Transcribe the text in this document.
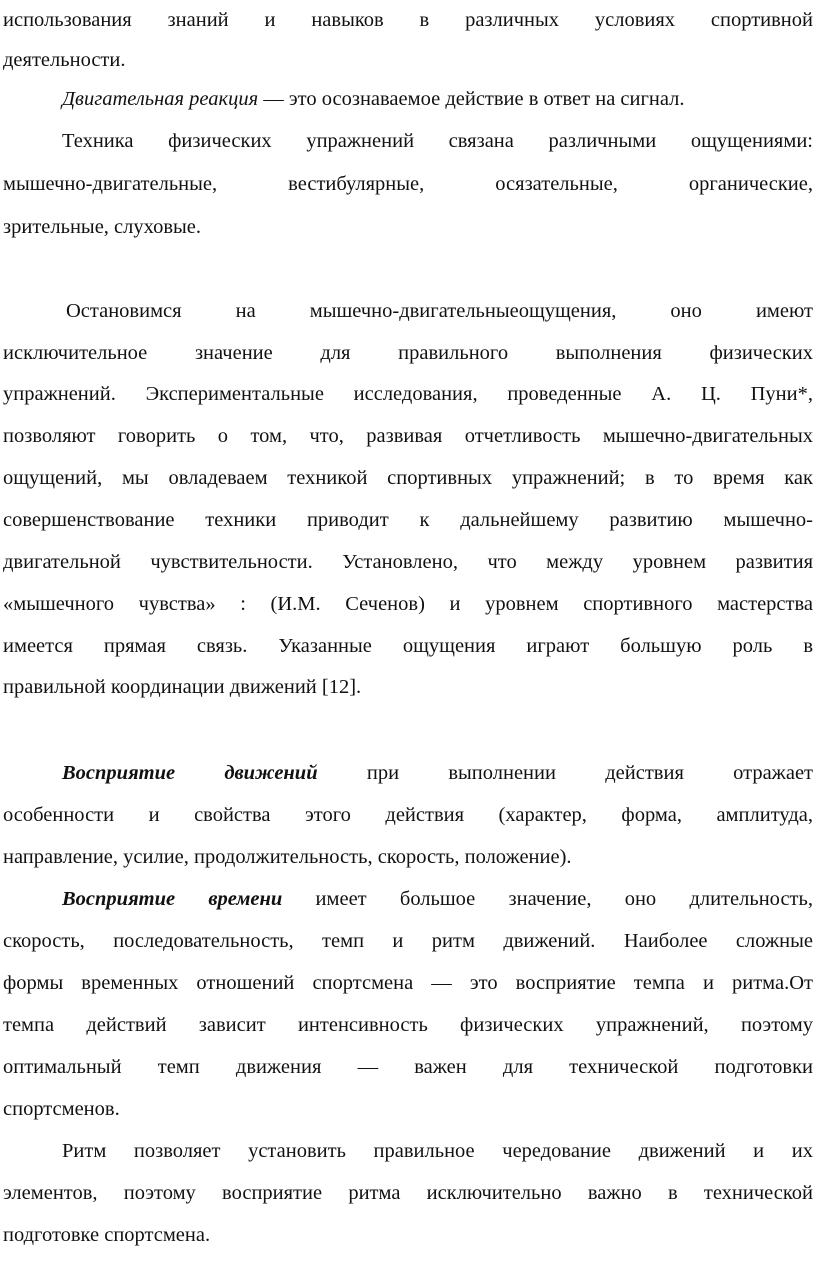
использования знаний и навыков в различных условиях спортивной
деятельности.
Двигательная реакция — это осознаваемое действие в ответ на сигнал.
Техника физических упражнений связана различными ощущениями:
мышечно-двигательные, вестибулярные, осязательные, органические,
зрительные, слуховые.
Остановимся на мышечно-двигательныеощущения, оно имеют
исключительное значение для правильного выполнения физических
упражнений. Экспериментальные исследования, проведенные А. Ц. Пуни*,
позволяют говорить о том, что, развивая отчетливость мышечно-двигательных
ощущений, мы овладеваем техникой спортивных упражнений; в то время как
совершенствование техники приводит к дальнейшему развитию мышечно-
двигательной чувствительности. Установлено, что между уровнем развития
«мышечного чувства» : (И.М. Сеченов) и уровнем спортивного мастерства
имеется прямая связь. Указанные ощущения играют большую роль в
правильной координации движений [12].
Восприятие движений при выполнении действия отражает
особенности и свойства этого действия (характер, форма, амплитуда,
направление, усилие, продолжительность, скорость, положение).
Восприятие времени имеет большое значение, оно длительность,
скорость, последовательность, темп и ритм движений. Наиболее сложные
формы временных отношений спортсмена — это восприятие темпа и ритма.От
темпа действий зависит интенсивность физических упражнений, поэтому
оптимальный темп движения — важен для технической подготовки
спортсменов.
Ритм позволяет установить правильное чередование движений и их
элементов, поэтому восприятие ритма исключительно важно в технической
подготовке спортсмена.
